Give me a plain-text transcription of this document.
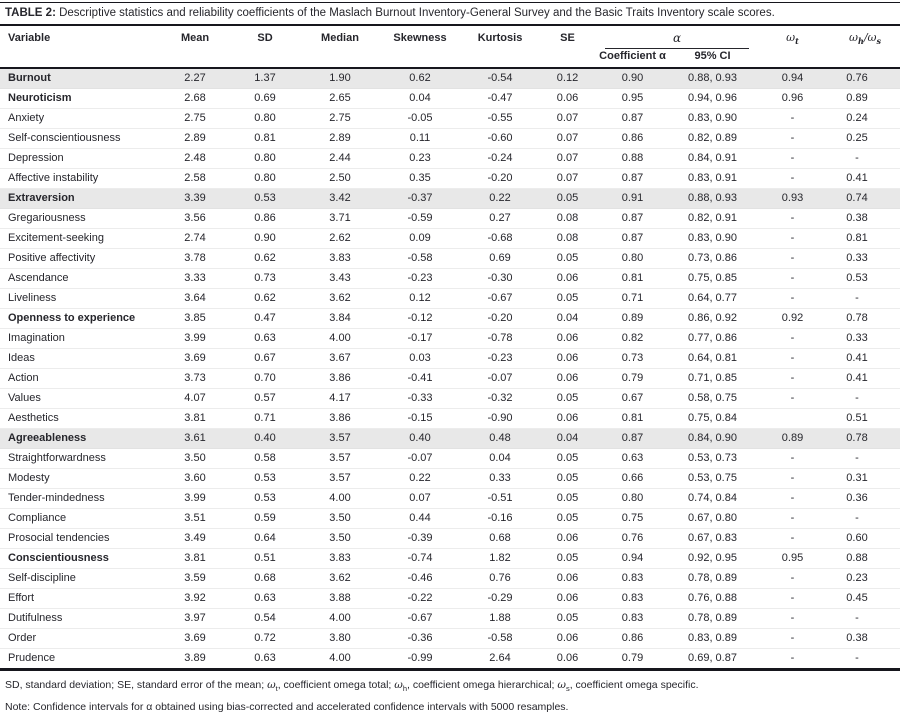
TABLE 2: Descriptive statistics and reliability coefficients of the Maslach Burnout Inventory-General Survey and the Basic Traits Inventory scale scores.
Variable	Mean	SD	Median	Skewness	Kurtosis	SE	α		$\omega_t$	$\omega_h/\omega_s$
							Coefficient α	95% CI		
Burnout	2.27	1.37	1.90	0.62	-0.54	0.12	0.90	0.88, 0.93	0.94	0.76
Neuroticism	2.68	0.69	2.65	0.04	-0.47	0.06	0.95	0.94, 0.96	0.96	0.89
Anxiety	2.75	0.80	2.75	-0.05	-0.55	0.07	0.87	0.83, 0.90	-	0.24
Self-conscientiousness	2.89	0.81	2.89	0.11	-0.60	0.07	0.86	0.82, 0.89	-	0.25
Depression	2.48	0.80	2.44	0.23	-0.24	0.07	0.88	0.84, 0.91	-	-
Affective instability	2.58	0.80	2.50	0.35	-0.20	0.07	0.87	0.83, 0.91	-	0.41
Extraversion	3.39	0.53	3.42	-0.37	0.22	0.05	0.91	0.88, 0.93	0.93	0.74
Gregariousness	3.56	0.86	3.71	-0.59	0.27	0.08	0.87	0.82, 0.91	-	0.38
Excitement-seeking	2.74	0.90	2.62	0.09	-0.68	0.08	0.87	0.83, 0.90	-	0.81
Positive affectivity	3.78	0.62	3.83	-0.58	0.69	0.05	0.80	0.73, 0.86	-	0.33
Ascendance	3.33	0.73	3.43	-0.23	-0.30	0.06	0.81	0.75, 0.85	-	0.53
Liveliness	3.64	0.62	3.62	0.12	-0.67	0.05	0.71	0.64, 0.77	-	-
Openness to experience	3.85	0.47	3.84	-0.12	-0.20	0.04	0.89	0.86, 0.92	0.92	0.78
Imagination	3.99	0.63	4.00	-0.17	-0.78	0.06	0.82	0.77, 0.86	-	0.33
Ideas	3.69	0.67	3.67	0.03	-0.23	0.06	0.73	0.64, 0.81	-	0.41
Action	3.73	0.70	3.86	-0.41	-0.07	0.06	0.79	0.71, 0.85	-	0.41
Values	4.07	0.57	4.17	-0.33	-0.32	0.05	0.67	0.58, 0.75	-	-
Aesthetics	3.81	0.71	3.86	-0.15	-0.90	0.06	0.81	0.75, 0.84		0.51
Agreeableness	3.61	0.40	3.57	0.40	0.48	0.04	0.87	0.84, 0.90	0.89	0.78
Straightforwardness	3.50	0.58	3.57	-0.07	0.04	0.05	0.63	0.53, 0.73	-	-
Modesty	3.60	0.53	3.57	0.22	0.33	0.05	0.66	0.53, 0.75	-	0.31
Tender-mindedness	3.99	0.53	4.00	0.07	-0.51	0.05	0.80	0.74, 0.84	-	0.36
Compliance	3.51	0.59	3.50	0.44	-0.16	0.05	0.75	0.67, 0.80	-	-
Prosocial tendencies	3.49	0.64	3.50	-0.39	0.68	0.06	0.76	0.67, 0.83	-	0.60
Conscientiousness	3.81	0.51	3.83	-0.74	1.82	0.05	0.94	0.92, 0.95	0.95	0.88
Self-discipline	3.59	0.68	3.62	-0.46	0.76	0.06	0.83	0.78, 0.89	-	0.23
Effort	3.92	0.63	3.88	-0.22	-0.29	0.06	0.83	0.76, 0.88	-	0.45
Dutifulness	3.97	0.54	4.00	-0.67	1.88	0.05	0.83	0.78, 0.89	-	-
Order	3.69	0.72	3.80	-0.36	-0.58	0.06	0.86	0.83, 0.89	-	0.38
Prudence	3.89	0.63	4.00	-0.99	2.64	0.06	0.79	0.69, 0.87	-	-
SD, standard deviation; SE, standard error of the mean; $\omega_t$, coefficient omega total; $\omega_h$, coefficient omega hierarchical; $\omega_s$, coefficient omega specific.
Note: Confidence intervals for α obtained using bias-corrected and accelerated confidence intervals with 5000 resamples.
